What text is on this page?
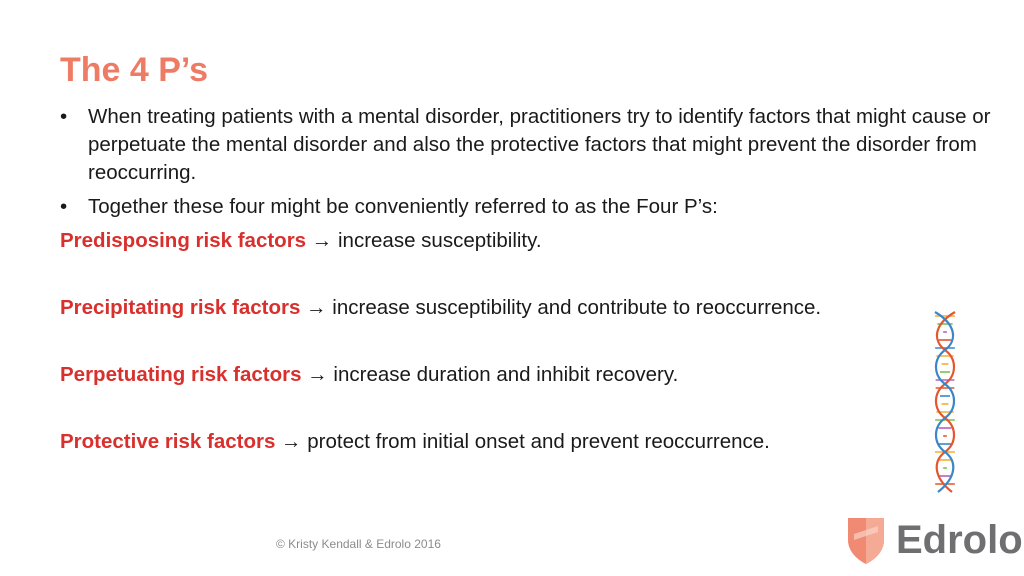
The 4 P’s
• When treating patients with a mental disorder, practitioners try to identify factors that might cause or perpetuate the mental disorder and also the protective factors that might prevent the disorder from reoccurring.
• Together these four might be conveniently referred to as the Four P’s:
Predisposing risk factors → increase susceptibility.
Precipitating risk factors → increase susceptibility and contribute to reoccurrence.
Perpetuating risk factors → increase duration and inhibit recovery.
Protective risk factors → protect from initial onset and prevent reoccurrence.
© Kristy Kendall & Edrolo 2016	Edrolo
